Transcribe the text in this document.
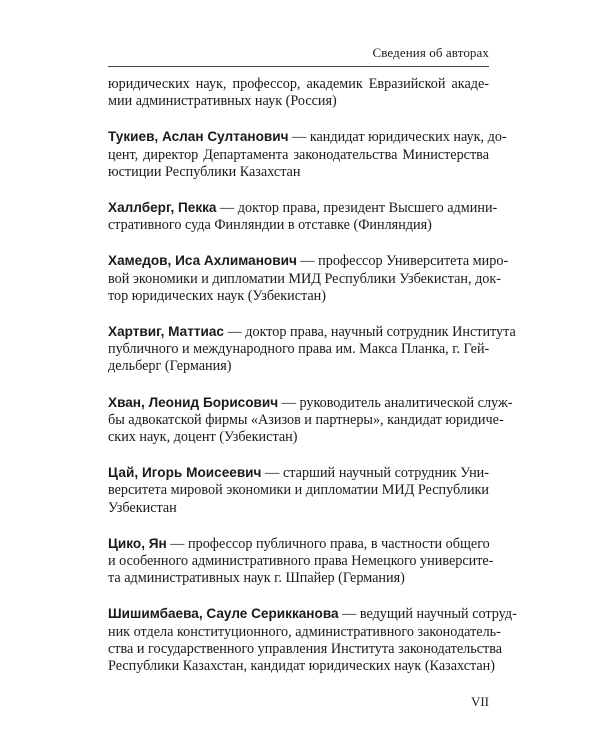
Сведения об авторах

юридических наук, профессор, академик Евразийской акаде-
мии административных наук (Россия)

Тукиев, Аслан Султанович — кандидат юридических наук, до-
цент, директор Департамента законодательства Министерства
юстиции Республики Казахстан

Халлберг, Пекка — доктор права, президент Высшего админи-
стративного суда Финляндии в отставке (Финляндия)

Хамедов, Иса Ахлиманович — профессор Университета миро-
вой экономики и дипломатии МИД Республики Узбекистан, док-
тор юридических наук (Узбекистан)

Хартвиг, Маттиас — доктор права, научный сотрудник Института
публичного и международного права им. Макса Планка, г. Гей-
дельберг (Германия)

Хван, Леонид Борисович — руководитель аналитической служ-
бы адвокатской фирмы «Азизов и партнеры», кандидат юридиче-
ских наук, доцент (Узбекистан)

Цай, Игорь Моисеевич — старший научный сотрудник Уни-
верситета мировой экономики и дипломатии МИД Республики
Узбекистан

Цико, Ян — профессор публичного права, в частности общего
и особенного административного права Немецкого университе-
та административных наук г. Шпайер (Германия)

Шишимбаева, Сауле Серикканова — ведущий научный сотруд-
ник отдела конституционного, административного законодатель-
ства и государственного управления Института законодательства
Республики Казахстан, кандидат юридических наук (Казахстан)

VII
